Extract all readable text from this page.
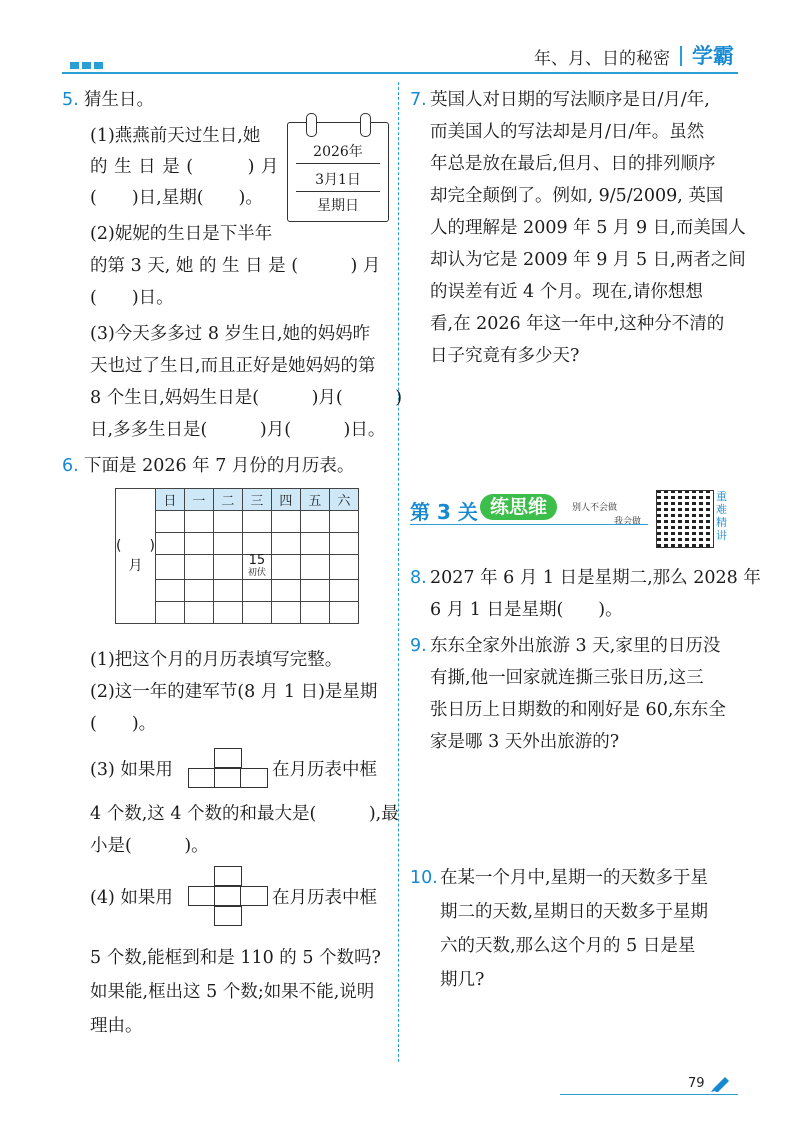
年、月、日的秘密 学霸
5. 猜生日。
(1)燕燕前天过生日,她
的 生 日 是 (　　　) 月
(　　)日,星期(　　)。
(2)妮妮的生日是下半年
的第 3 天, 她 的 生 日 是 (　　　) 月
(　　)日。
(3)今天多多过 8 岁生日,她的妈妈昨
天也过了生日,而且正好是她妈妈的第
8 个生日,妈妈生日是(　　　)月(　　　)
日,多多生日是(　　　)月(　　　)日。
2026年
3月1日
星期日
6. 下面是 2026 年 7 月份的月历表。
(　　)
月	日	一	二	三	四	五	六

				15
初伏			

(1)把这个月的月历表填写完整。
(2)这一年的建军节(8 月 1 日)是星期
(　　)。
(3) 如果用	在月历表中框
4 个数,这 4 个数的和最大是(　　　),最
小是(　　　)。
(4) 如果用	在月历表中框
5 个数,能框到和是 110 的 5 个数吗?
如果能,框出这 5 个数;如果不能,说明
理由。
7. 英国人对日期的写法顺序是日/月/年,
而美国人的写法却是月/日/年。虽然
年总是放在最后,但月、日的排列顺序
却完全颠倒了。例如, 9/5/2009, 英国
人的理解是 2009 年 5 月 9 日,而美国人
却认为它是 2009 年 9 月 5 日,两者之间
的误差有近 4 个月。现在,请你想想
看,在 2026 年这一年中,这种分不清的
日子究竟有多少天?
第 3 关 练思维	别人不会做
我会做
重难精讲
8. 2027 年 6 月 1 日是星期二,那么 2028 年
6 月 1 日是星期(　　)。
9. 东东全家外出旅游 3 天,家里的日历没
有撕,他一回家就连撕三张日历,这三
张日历上日期数的和刚好是 60,东东全
家是哪 3 天外出旅游的?
10. 在某一个月中,星期一的天数多于星
期二的天数,星期日的天数多于星期
六的天数,那么这个月的 5 日是星
期几?
79
